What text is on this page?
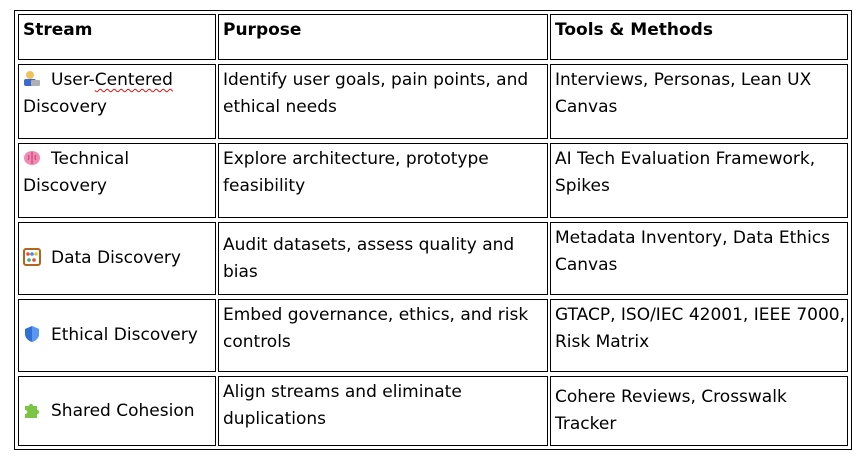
Stream	Purpose	Tools & Methods
User-Centered
Discovery
Identify user goals, pain points, and
ethical needs
Interviews, Personas, Lean UX
Canvas
Technical
Discovery
Explore architecture, prototype
feasibility
AI Tech Evaluation Framework,
Spikes
Data Discovery
Audit datasets, assess quality and bias
Metadata Inventory, Data Ethics
Canvas
Ethical Discovery
Embed governance, ethics, and risk
controls
GTACP, ISO/IEC 42001, IEEE 7000,
Risk Matrix
Shared Cohesion
Align streams and eliminate
duplications
Cohere Reviews, Crosswalk Tracker
